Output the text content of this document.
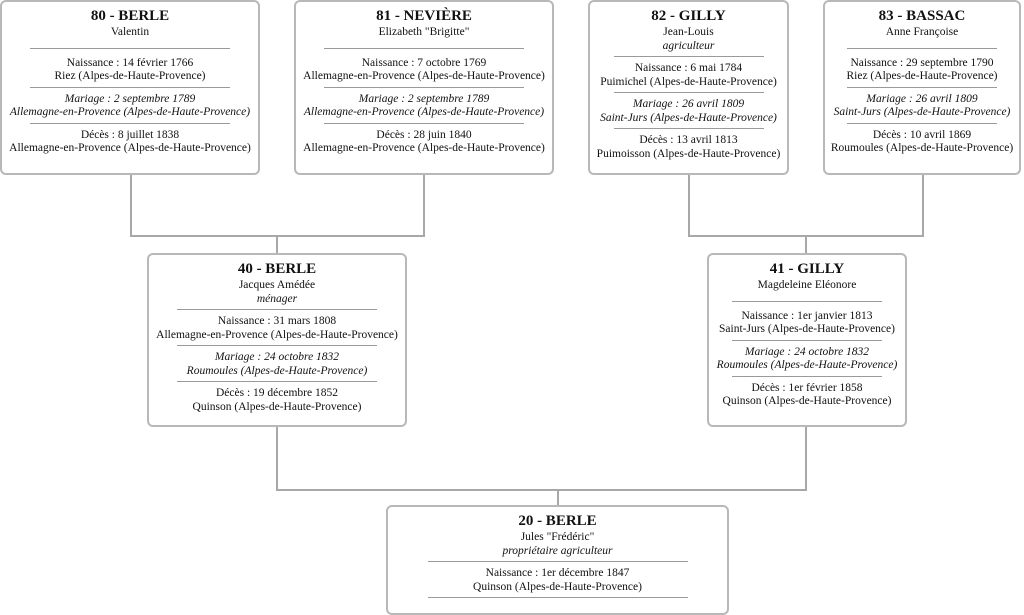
80 - BERLE
Valentin
Naissance : 14 février 1766
Riez (Alpes-de-Haute-Provence)
Mariage : 2 septembre 1789
Allemagne-en-Provence (Alpes-de-Haute-Provence)
Décès : 8 juillet 1838
Allemagne-en-Provence (Alpes-de-Haute-Provence)
81 - NEVIÈRE
Elizabeth "Brigitte"
Naissance : 7 octobre 1769
Allemagne-en-Provence (Alpes-de-Haute-Provence)
Mariage : 2 septembre 1789
Allemagne-en-Provence (Alpes-de-Haute-Provence)
Décès : 28 juin 1840
Allemagne-en-Provence (Alpes-de-Haute-Provence)
82 - GILLY
Jean-Louis
agriculteur
Naissance : 6 mai 1784
Puimichel (Alpes-de-Haute-Provence)
Mariage : 26 avril 1809
Saint-Jurs (Alpes-de-Haute-Provence)
Décès : 13 avril 1813
Puimoisson (Alpes-de-Haute-Provence)
83 - BASSAC
Anne Françoise
Naissance : 29 septembre 1790
Riez (Alpes-de-Haute-Provence)
Mariage : 26 avril 1809
Saint-Jurs (Alpes-de-Haute-Provence)
Décès : 10 avril 1869
Roumoules (Alpes-de-Haute-Provence)
40 - BERLE
Jacques Amédée
ménager
Naissance : 31 mars 1808
Allemagne-en-Provence (Alpes-de-Haute-Provence)
Mariage : 24 octobre 1832
Roumoules (Alpes-de-Haute-Provence)
Décès : 19 décembre 1852
Quinson (Alpes-de-Haute-Provence)
41 - GILLY
Magdeleine Eléonore
Naissance : 1er janvier 1813
Saint-Jurs (Alpes-de-Haute-Provence)
Mariage : 24 octobre 1832
Roumoules (Alpes-de-Haute-Provence)
Décès : 1er février 1858
Quinson (Alpes-de-Haute-Provence)
20 - BERLE
Jules "Frédéric"
propriétaire agriculteur
Naissance : 1er décembre 1847
Quinson (Alpes-de-Haute-Provence)
